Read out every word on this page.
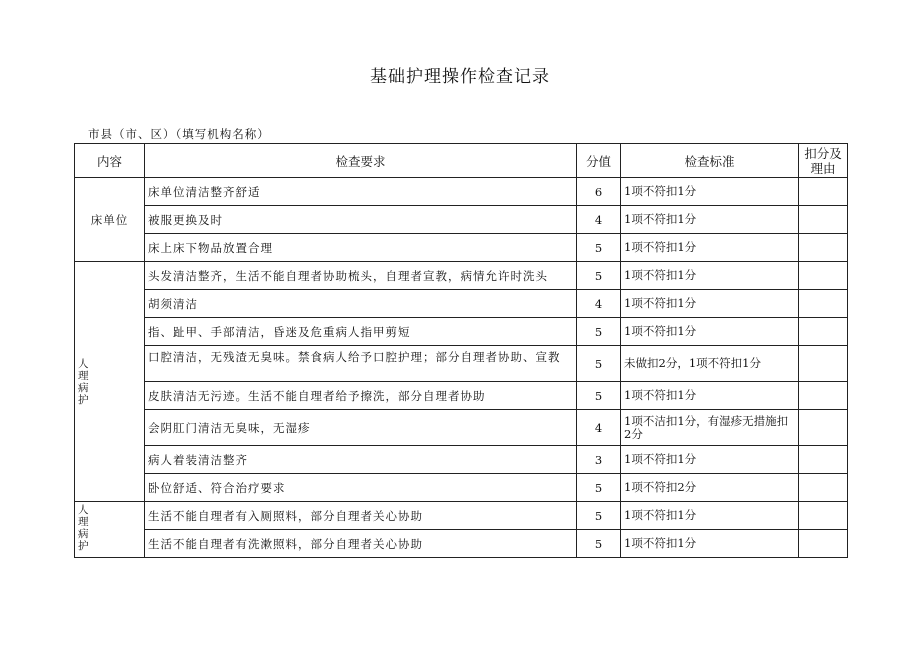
基础护理操作检查记录
市县（市、区）（填写机构名称）
内容	检查要求	分值	检查标准	扣分及理由
床单位	床单位清洁整齐舒适	6	1项不符扣1分	
	被服更换及时	4	1项不符扣1分	
	床上床下物品放置合理	5	1项不符扣1分	

人理病护	头发清洁整齐，生活不能自理者协助梳头，自理者宣教，病情允许时洗头	5	1项不符扣1分	
	胡须清洁	4	1项不符扣1分	
	指、趾甲、手部清洁，昏迷及危重病人指甲剪短	5	1项不符扣1分	
	口腔清洁，无残渣无臭味。禁食病人给予口腔护理；部分自理者协助、宣教	5	未做扣2分，1项不符扣1分	
	皮肤清洁无污迹。生活不能自理者给予擦洗，部分自理者协助	5	1项不符扣1分	
	会阴肛门清洁无臭味，无湿疹	4	1项不洁扣1分，有湿疹无措施扣2分	
	病人着装清洁整齐	3	1项不符扣1分	
	卧位舒适、符合治疗要求	5	1项不符扣2分	

人理病护	生活不能自理者有入厕照料，部分自理者关心协助	5	1项不符扣1分	
	生活不能自理者有洗漱照料，部分自理者关心协助	5	1项不符扣1分	
